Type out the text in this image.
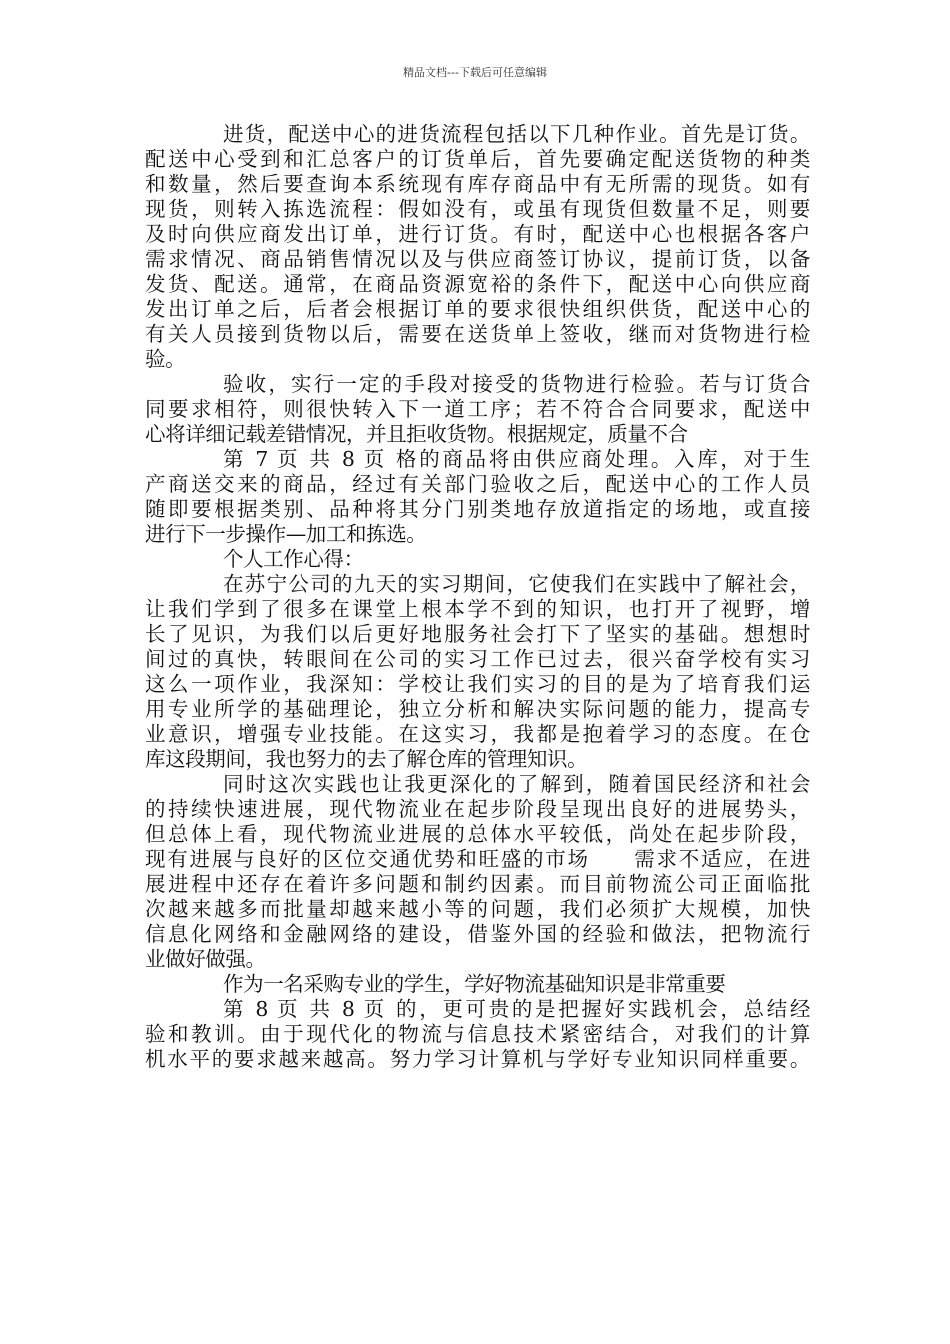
精品文档---下载后可任意编辑
进货，配送中心的进货流程包括以下几种作业。首先是订货。
配送中心受到和汇总客户的订货单后，首先要确定配送货物的种类
和数量，然后要查询本系统现有库存商品中有无所需的现货。如有
现货，则转入拣选流程：假如没有，或虽有现货但数量不足，则要
及时向供应商发出订单，进行订货。有时，配送中心也根据各客户
需求情况、商品销售情况以及与供应商签订协议，提前订货，以备
发货、配送。通常，在商品资源宽裕的条件下，配送中心向供应商
发出订单之后，后者会根据订单的要求很快组织供货，配送中心的
有关人员接到货物以后，需要在送货单上签收，继而对货物进行检
验。
验收，实行一定的手段对接受的货物进行检验。若与订货合
同要求相符，则很快转入下一道工序；若不符合合同要求，配送中
心将详细记载差错情况，并且拒收货物。根据规定，质量不合
第 7 页 共 8 页 格的商品将由供应商处理。入库，对于生
产商送交来的商品，经过有关部门验收之后，配送中心的工作人员
随即要根据类别、品种将其分门别类地存放道指定的场地，或直接
进行下一步操作—加工和拣选。
个人工作心得：
在苏宁公司的九天的实习期间，它使我们在实践中了解社会，
让我们学到了很多在课堂上根本学不到的知识，也打开了视野，增
长了见识，为我们以后更好地服务社会打下了坚实的基础。想想时
间过的真快，转眼间在公司的实习工作已过去，很兴奋学校有实习
这么一项作业，我深知：学校让我们实习的目的是为了培育我们运
用专业所学的基础理论，独立分析和解决实际问题的能力，提高专
业意识，增强专业技能。在这实习，我都是抱着学习的态度。在仓
库这段期间，我也努力的去了解仓库的管理知识。
同时这次实践也让我更深化的了解到，随着国民经济和社会
的持续快速进展，现代物流业在起步阶段呈现出良好的进展势头，
但总体上看，现代物流业进展的总体水平较低，尚处在起步阶段，
现有进展与良好的区位交通优势和旺盛的市场　　需求不适应，在进
展进程中还存在着许多问题和制约因素。而目前物流公司正面临批
次越来越多而批量却越来越小等的问题，我们必须扩大规模，加快
信息化网络和金融网络的建设，借鉴外国的经验和做法，把物流行
业做好做强。
作为一名采购专业的学生，学好物流基础知识是非常重要
第 8 页 共 8 页 的，更可贵的是把握好实践机会，总结经
验和教训。由于现代化的物流与信息技术紧密结合，对我们的计算
机水平的要求越来越高。努力学习计算机与学好专业知识同样重要。
